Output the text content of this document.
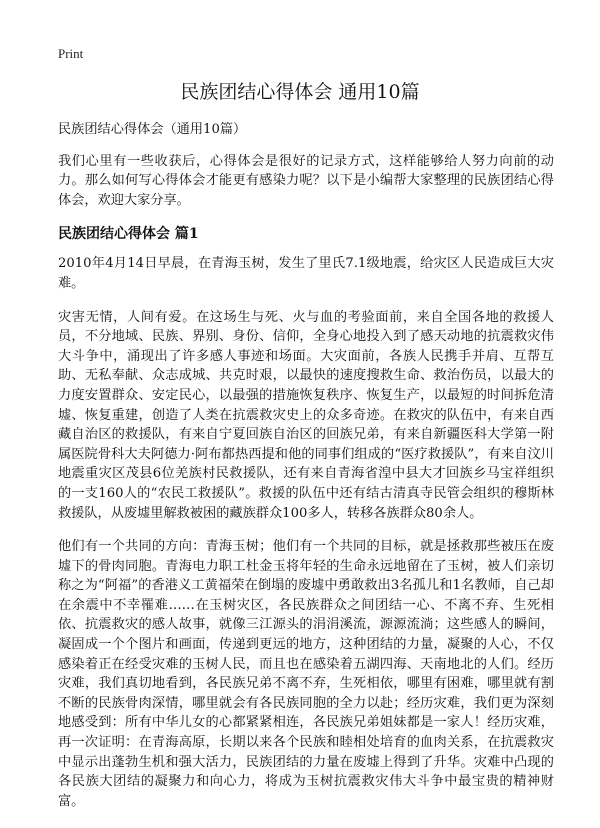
Print
民族团结心得体会 通用10篇

民族团结心得体会（通用10篇）

我们心里有一些收获后，心得体会是很好的记录方式，这样能够给人努力向前的动力。那么如何写心得体会才能更有感染力呢？以下是小编帮大家整理的民族团结心得体会，欢迎大家分享。

民族团结心得体会 篇1

2010年4月14日早晨，在青海玉树，发生了里氏7.1级地震，给灾区人民造成巨大灾难。

灾害无情，人间有爱。在这场生与死、火与血的考验面前，来自全国各地的救援人员，不分地域、民族、界别、身份、信仰，全身心地投入到了感天动地的抗震救灾伟大斗争中，涌现出了许多感人事迹和场面。大灾面前，各族人民携手并肩、互帮互助、无私奉献、众志成城、共克时艰，以最快的速度搜救生命、救治伤员，以最大的力度安置群众、安定民心，以最强的措施恢复秩序、恢复生产，以最短的时间拆危清墟、恢复重建，创造了人类在抗震救灾史上的众多奇迹。在救灾的队伍中，有来自西藏自治区的救援队，有来自宁夏回族自治区的回族兄弟，有来自新疆医科大学第一附属医院骨科大夫阿德力·阿布都热西提和他的同事们组成的“医疗救援队”，有来自汶川地震重灾区茂县6位羌族村民救援队，还有来自青海省湟中县大才回族乡马宝祥组织的一支160人的“农民工救援队”。救援的队伍中还有结古清真寺民管会组织的穆斯林救援队，从废墟里解救被困的藏族群众100多人，转移各族群众80余人。

他们有一个共同的方向：青海玉树；他们有一个共同的目标，就是拯救那些被压在废墟下的骨肉同胞。青海电力职工杜金玉将年轻的生命永远地留在了玉树，被人们亲切称之为“阿福”的香港义工黄福荣在倒塌的废墟中勇敢救出3名孤儿和1名教师，自己却在余震中不幸罹难……在玉树灾区，各民族群众之间团结一心、不离不弃、生死相依、抗震救灾的感人故事，就像三江源头的涓涓溪流，源源流淌；这些感人的瞬间，凝固成一个个图片和画面，传递到更远的地方，这种团结的力量，凝聚的人心，不仅感染着正在经受灾难的玉树人民，而且也在感染着五湖四海、天南地北的人们。经历灾难，我们真切地看到，各民族兄弟不离不弃，生死相依，哪里有困难，哪里就有割不断的民族骨肉深情，哪里就会有各民族同胞的全力以赴；经历灾难，我们更为深刻地感受到：所有中华儿女的心都紧紧相连，各民族兄弟姐妹都是一家人！经历灾难，再一次证明：在青海高原，长期以来各个民族和睦相处培育的血肉关系，在抗震救灾中显示出蓬勃生机和强大活力，民族团结的力量在废墟上得到了升华。灾难中凸现的各民族大团结的凝聚力和向心力，将成为玉树抗震救灾伟大斗争中最宝贵的精神财富。
